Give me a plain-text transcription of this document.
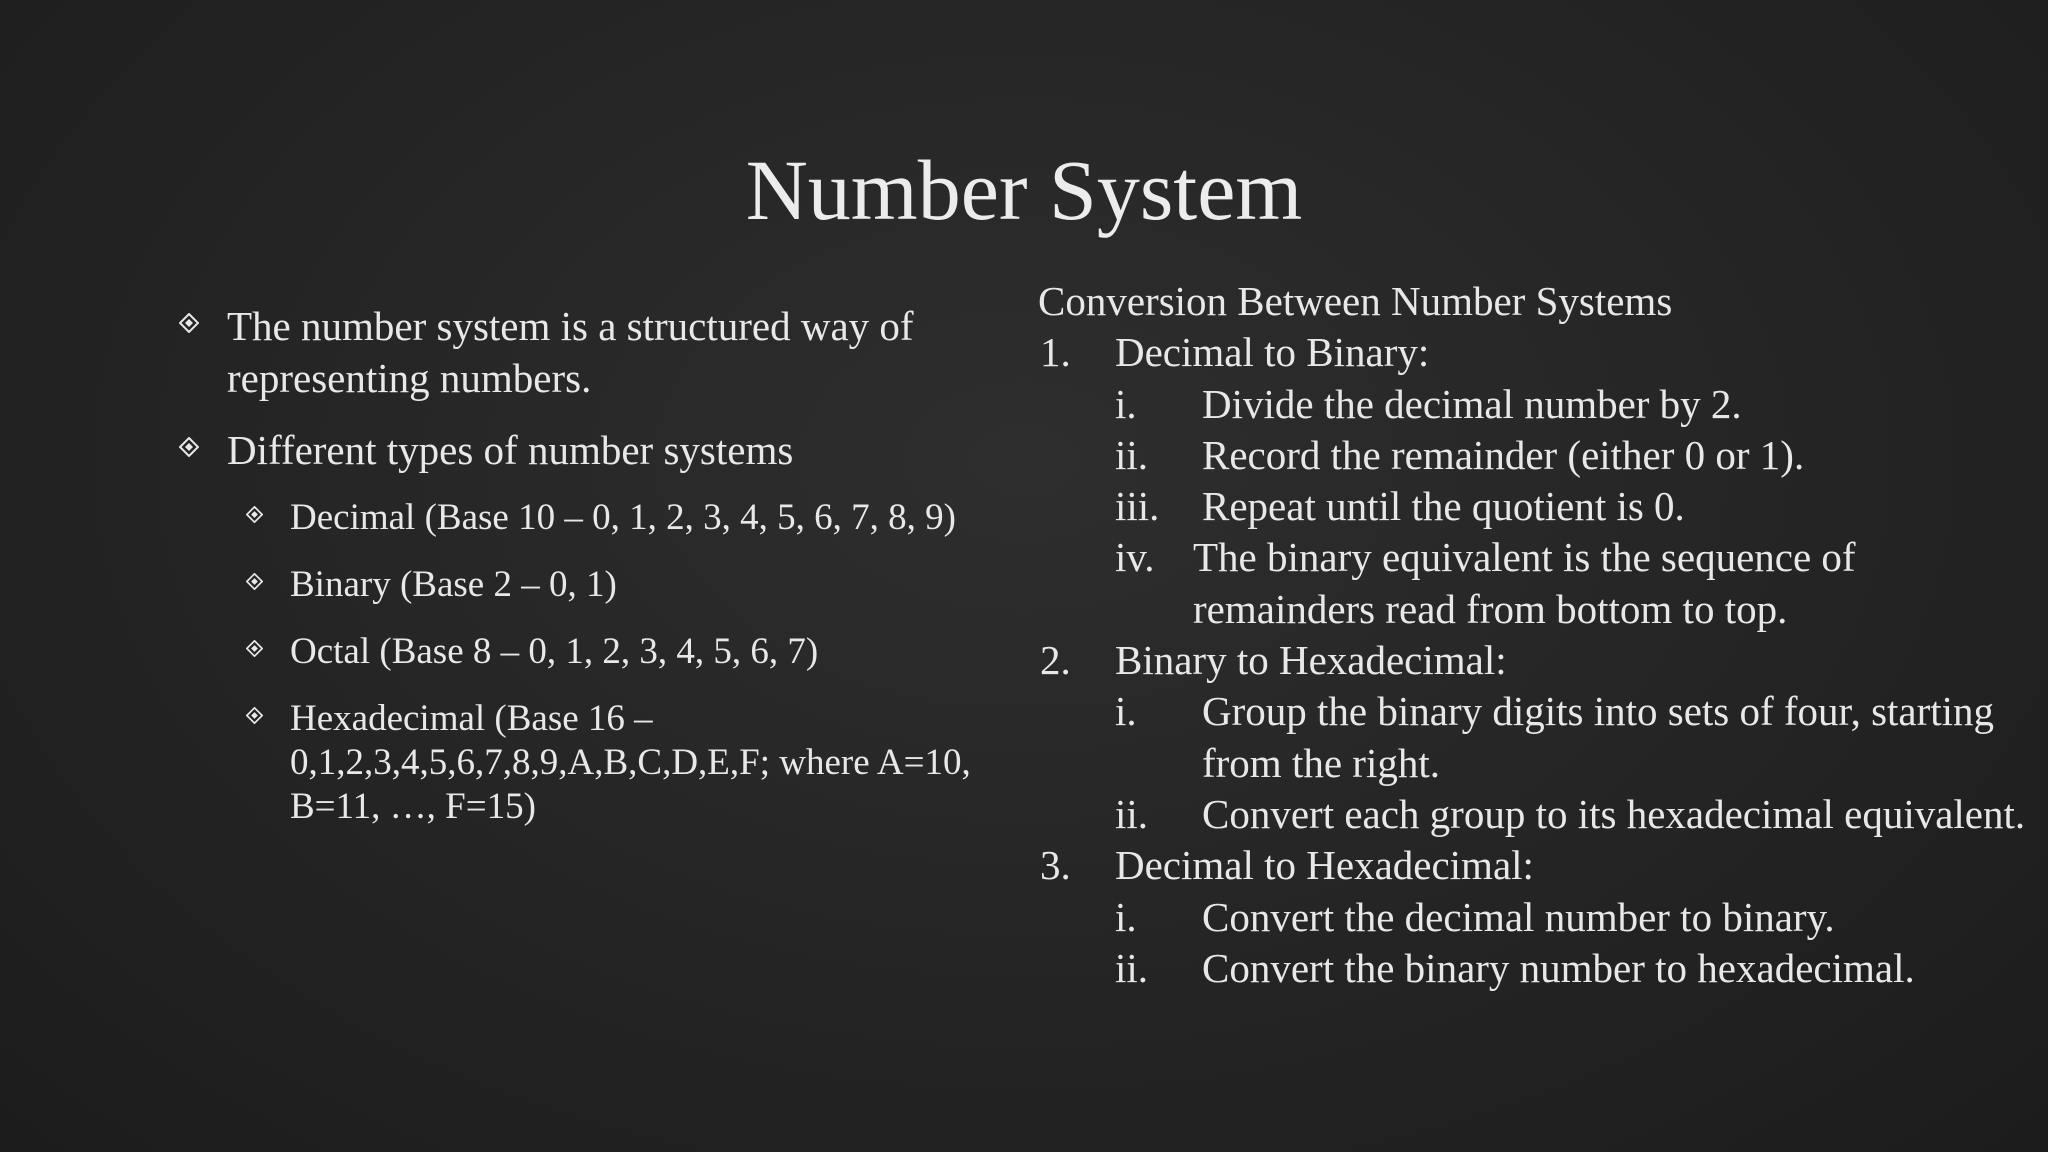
Number System
The number system is a structured way of representing numbers.
Different types of number systems
Decimal (Base 10 – 0, 1, 2, 3, 4, 5, 6, 7, 8, 9)
Binary (Base 2 – 0, 1)
Octal (Base 8 – 0, 1, 2, 3, 4, 5, 6, 7)
Hexadecimal (Base 16 – 0,1,2,3,4,5,6,7,8,9,A,B,C,D,E,F; where A=10, B=11, …, F=15)
Conversion Between Number Systems
1. Decimal to Binary:
i. Divide the decimal number by 2.
ii. Record the remainder (either 0 or 1).
iii. Repeat until the quotient is 0.
iv. The binary equivalent is the sequence of remainders read from bottom to top.
2. Binary to Hexadecimal:
i. Group the binary digits into sets of four, starting from the right.
ii. Convert each group to its hexadecimal equivalent.
3. Decimal to Hexadecimal:
i. Convert the decimal number to binary.
ii. Convert the binary number to hexadecimal.
